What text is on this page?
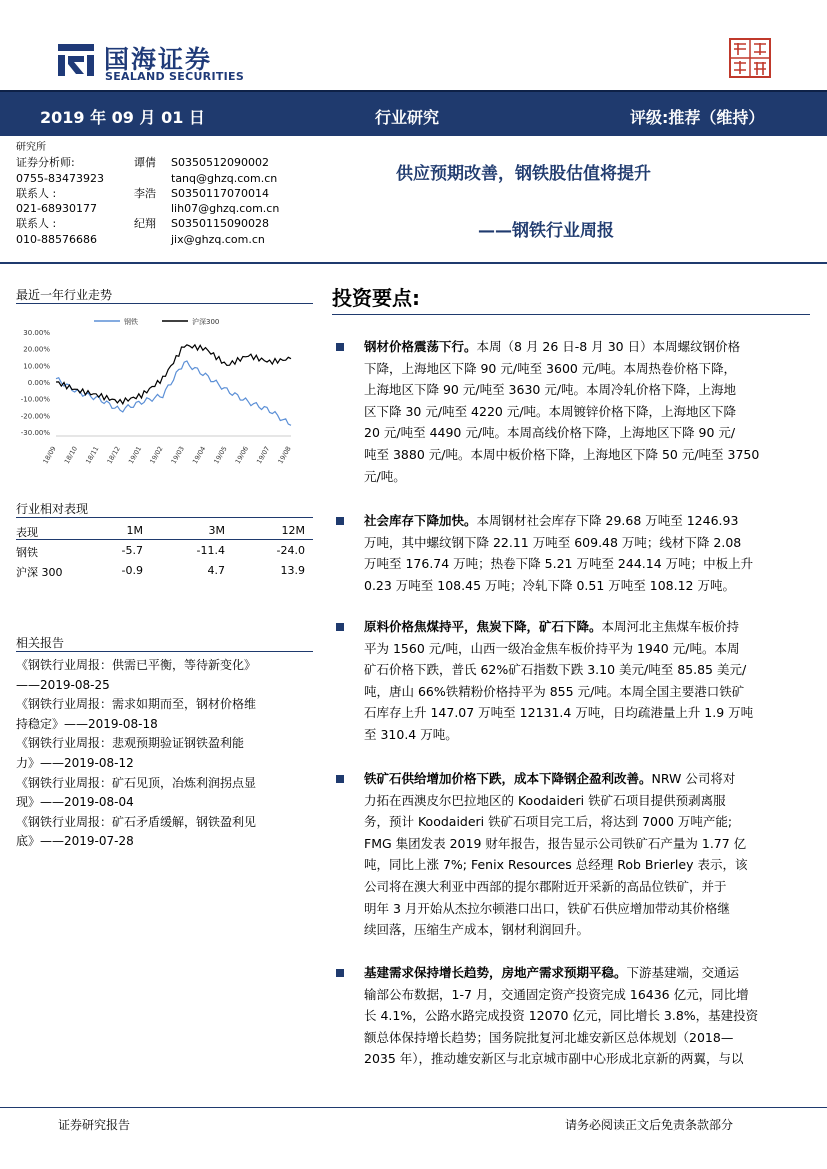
国海证券
SEALAND SECURITIES
2019 年 09 月 01 日	行业研究	评级:推荐（维持）
研究所
证券分析师:	谭倩 S0350512090002
0755-83473923	tanq@ghzq.com.cn
联系人 :	李浩 S0350117070014
021-68930177	lih07@ghzq.com.cn
联系人 :	纪翔 S0350115090028
010-88576686	jix@ghzq.com.cn
供应预期改善，钢铁股估值将提升
——钢铁行业周报
最近一年行业走势
30.00%
20.00%
10.00%
0.00%
-10.00%
-20.00%
-30.00%
18/09 18/10 18/11 18/12 19/01 19/02 19/03 19/04 19/05 19/06 19/07 19/08
钢铁	沪深300
行业相对表现
表现	1M	3M	12M
钢铁	-5.7	-11.4	-24.0
沪深 300	-0.9	4.7	13.9
相关报告
《钢铁行业周报：供需已平衡，等待新变化》
——2019-08-25
《钢铁行业周报：需求如期而至，钢材价格维
持稳定》——2019-08-18
《钢铁行业周报：悲观预期验证钢铁盈利能
力》——2019-08-12
《钢铁行业周报：矿石见顶，冶炼利润拐点显
现》——2019-08-04
《钢铁行业周报：矿石矛盾缓解，钢铁盈利见
底》——2019-07-28
投资要点:
钢材价格震荡下行。本周（8 月 26 日-8 月 30 日）本周螺纹钢价格
下降，上海地区下降 90 元/吨至 3600 元/吨。本周热卷价格下降，
上海地区下降 90 元/吨至 3630 元/吨。本周冷轧价格下降，上海地
区下降 30 元/吨至 4220 元/吨。本周镀锌价格下降，上海地区下降
20 元/吨至 4490 元/吨。本周高线价格下降，上海地区下降 90 元/
吨至 3880 元/吨。本周中板价格下降，上海地区下降 50 元/吨至 3750
元/吨。
社会库存下降加快。本周钢材社会库存下降 29.68 万吨至 1246.93
万吨，其中螺纹钢下降 22.11 万吨至 609.48 万吨；线材下降 2.08
万吨至 176.74 万吨；热卷下降 5.21 万吨至 244.14 万吨；中板上升
0.23 万吨至 108.45 万吨；冷轧下降 0.51 万吨至 108.12 万吨。
原料价格焦煤持平，焦炭下降，矿石下降。本周河北主焦煤车板价持
平为 1560 元/吨，山西一级冶金焦车板价持平为 1940 元/吨。本周
矿石价格下跌，普氏 62%矿石指数下跌 3.10 美元/吨至 85.85 美元/
吨，唐山 66%铁精粉价格持平为 855 元/吨。本周全国主要港口铁矿
石库存上升 147.07 万吨至 12131.4 万吨，日均疏港量上升 1.9 万吨
至 310.4 万吨。
铁矿石供给增加价格下跌，成本下降钢企盈利改善。NRW 公司将对
力拓在西澳皮尔巴拉地区的 Koodaideri 铁矿石项目提供预剥离服
务，预计 Koodaideri 铁矿石项目完工后，将达到 7000 万吨产能;
FMG 集团发表 2019 财年报告，报告显示公司铁矿石产量为 1.77 亿
吨，同比上涨 7%; Fenix Resources 总经理 Rob Brierley 表示，该
公司将在澳大利亚中西部的提尔郡附近开采新的高品位铁矿，并于
明年 3 月开始从杰拉尔顿港口出口，铁矿石供应增加带动其价格继
续回落，压缩生产成本，钢材利润回升。
基建需求保持增长趋势，房地产需求预期平稳。下游基建端，交通运
输部公布数据，1-7 月，交通固定资产投资完成 16436 亿元，同比增
长 4.1%，公路水路完成投资 12070 亿元，同比增长 3.8%，基建投资
额总体保持增长趋势；国务院批复河北雄安新区总体规划（2018—
2035 年），推动雄安新区与北京城市副中心形成北京新的两翼，与以
证券研究报告	请务必阅读正文后免责条款部分
